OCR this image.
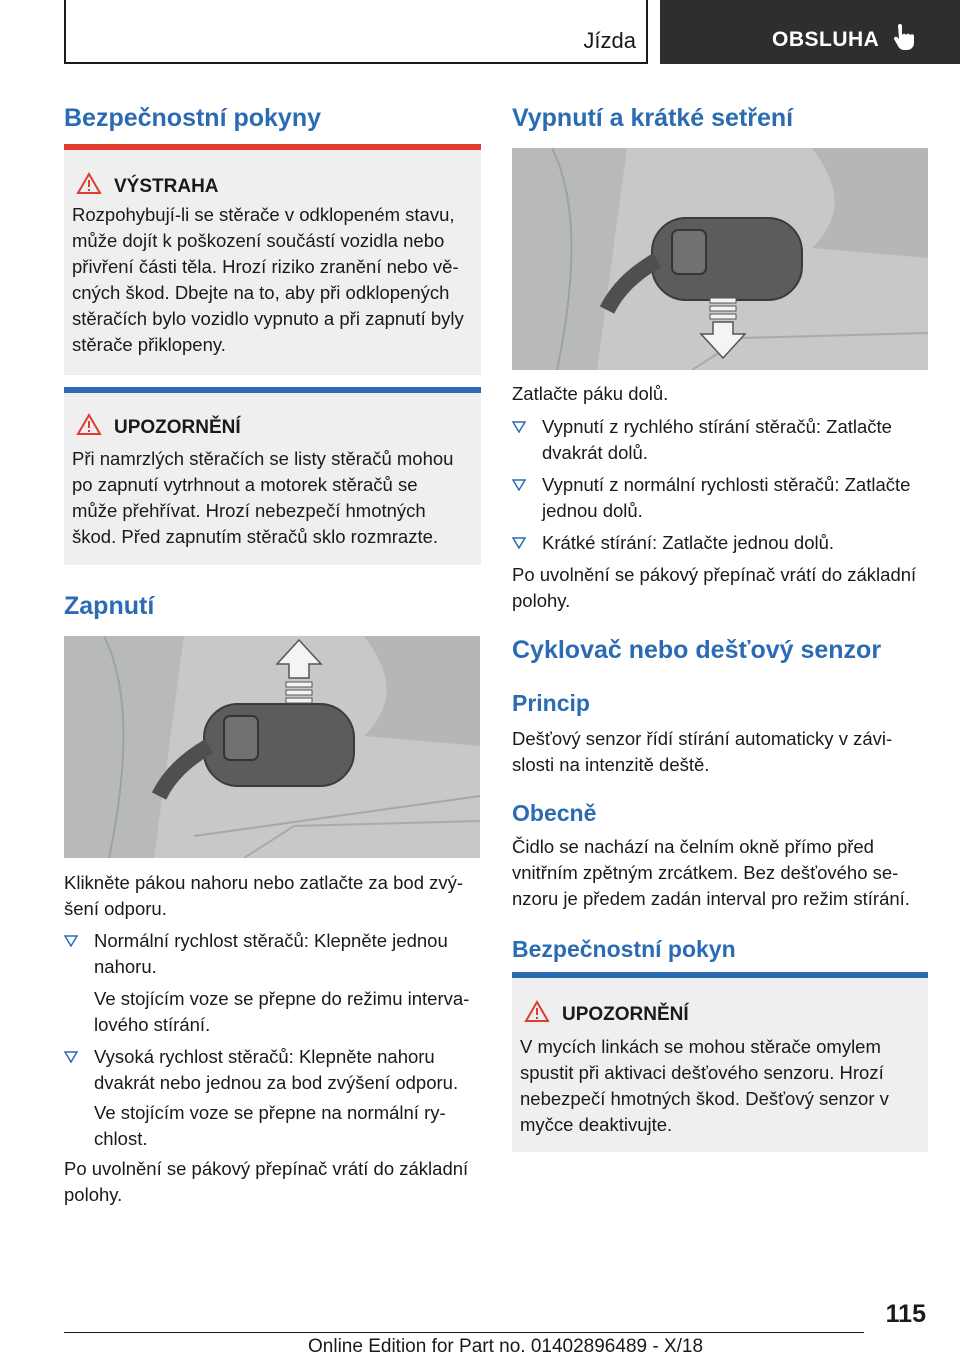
Jízda	OBSLUHA
Bezpečnostní pokyny
VÝSTRAHA

Rozpohybují-li se stěrače v odklopeném stavu,
může dojít k poškození součástí vozidla nebo
přivření části těla. Hrozí riziko zranění nebo vě-
cných škod. Dbejte na to, aby při odklopených
stěračích bylo vozidlo vypnuto a při zapnutí byly
stěrače přiklopeny.

UPOZORNĚNÍ

Při namrzlých stěračích se listy stěračů mohou
po zapnutí vytrhnout a motorek stěračů se
může přehřívat. Hrozí nebezpečí hmotných
škod. Před zapnutím stěračů sklo rozmrazte.

Zapnutí

Klikněte pákou nahoru nebo zatlačte za bod zvý-
šení odporu.

Normální rychlost stěračů: Klepněte jednou
nahoru.
Ve stojícím voze se přepne do režimu interva-
lového stírání.
Vysoká rychlost stěračů: Klepněte nahoru
dvakrát nebo jednou za bod zvýšení odporu.
Ve stojícím voze se přepne na normální ry-
chlost.

Po uvolnění se pákový přepínač vrátí do základní
polohy.

Vypnutí a krátké setření

Zatlačte páku dolů.

Vypnutí z rychlého stírání stěračů: Zatlačte
dvakrát dolů.
Vypnutí z normální rychlosti stěračů: Zatlačte
jednou dolů.
Krátké stírání: Zatlačte jednou dolů.

Po uvolnění se pákový přepínač vrátí do základní
polohy.

Cyklovač nebo dešťový senzor
Princip

Dešťový senzor řídí stírání automaticky v závi-
slosti na intenzitě deště.

Obecně

Čidlo se nachází na čelním okně přímo před
vnitřním zpětným zrcátkem. Bez dešťového se-
nzoru je předem zadán interval pro režim stírání.

Bezpečnostní pokyn
UPOZORNĚNÍ

V mycích linkách se mohou stěrače omylem
spustit při aktivaci dešťového senzoru. Hrozí
nebezpečí hmotných škod. Dešťový senzor v
myčce deaktivujte.

115
Online Edition for Part no. 01402896489 - X/18
